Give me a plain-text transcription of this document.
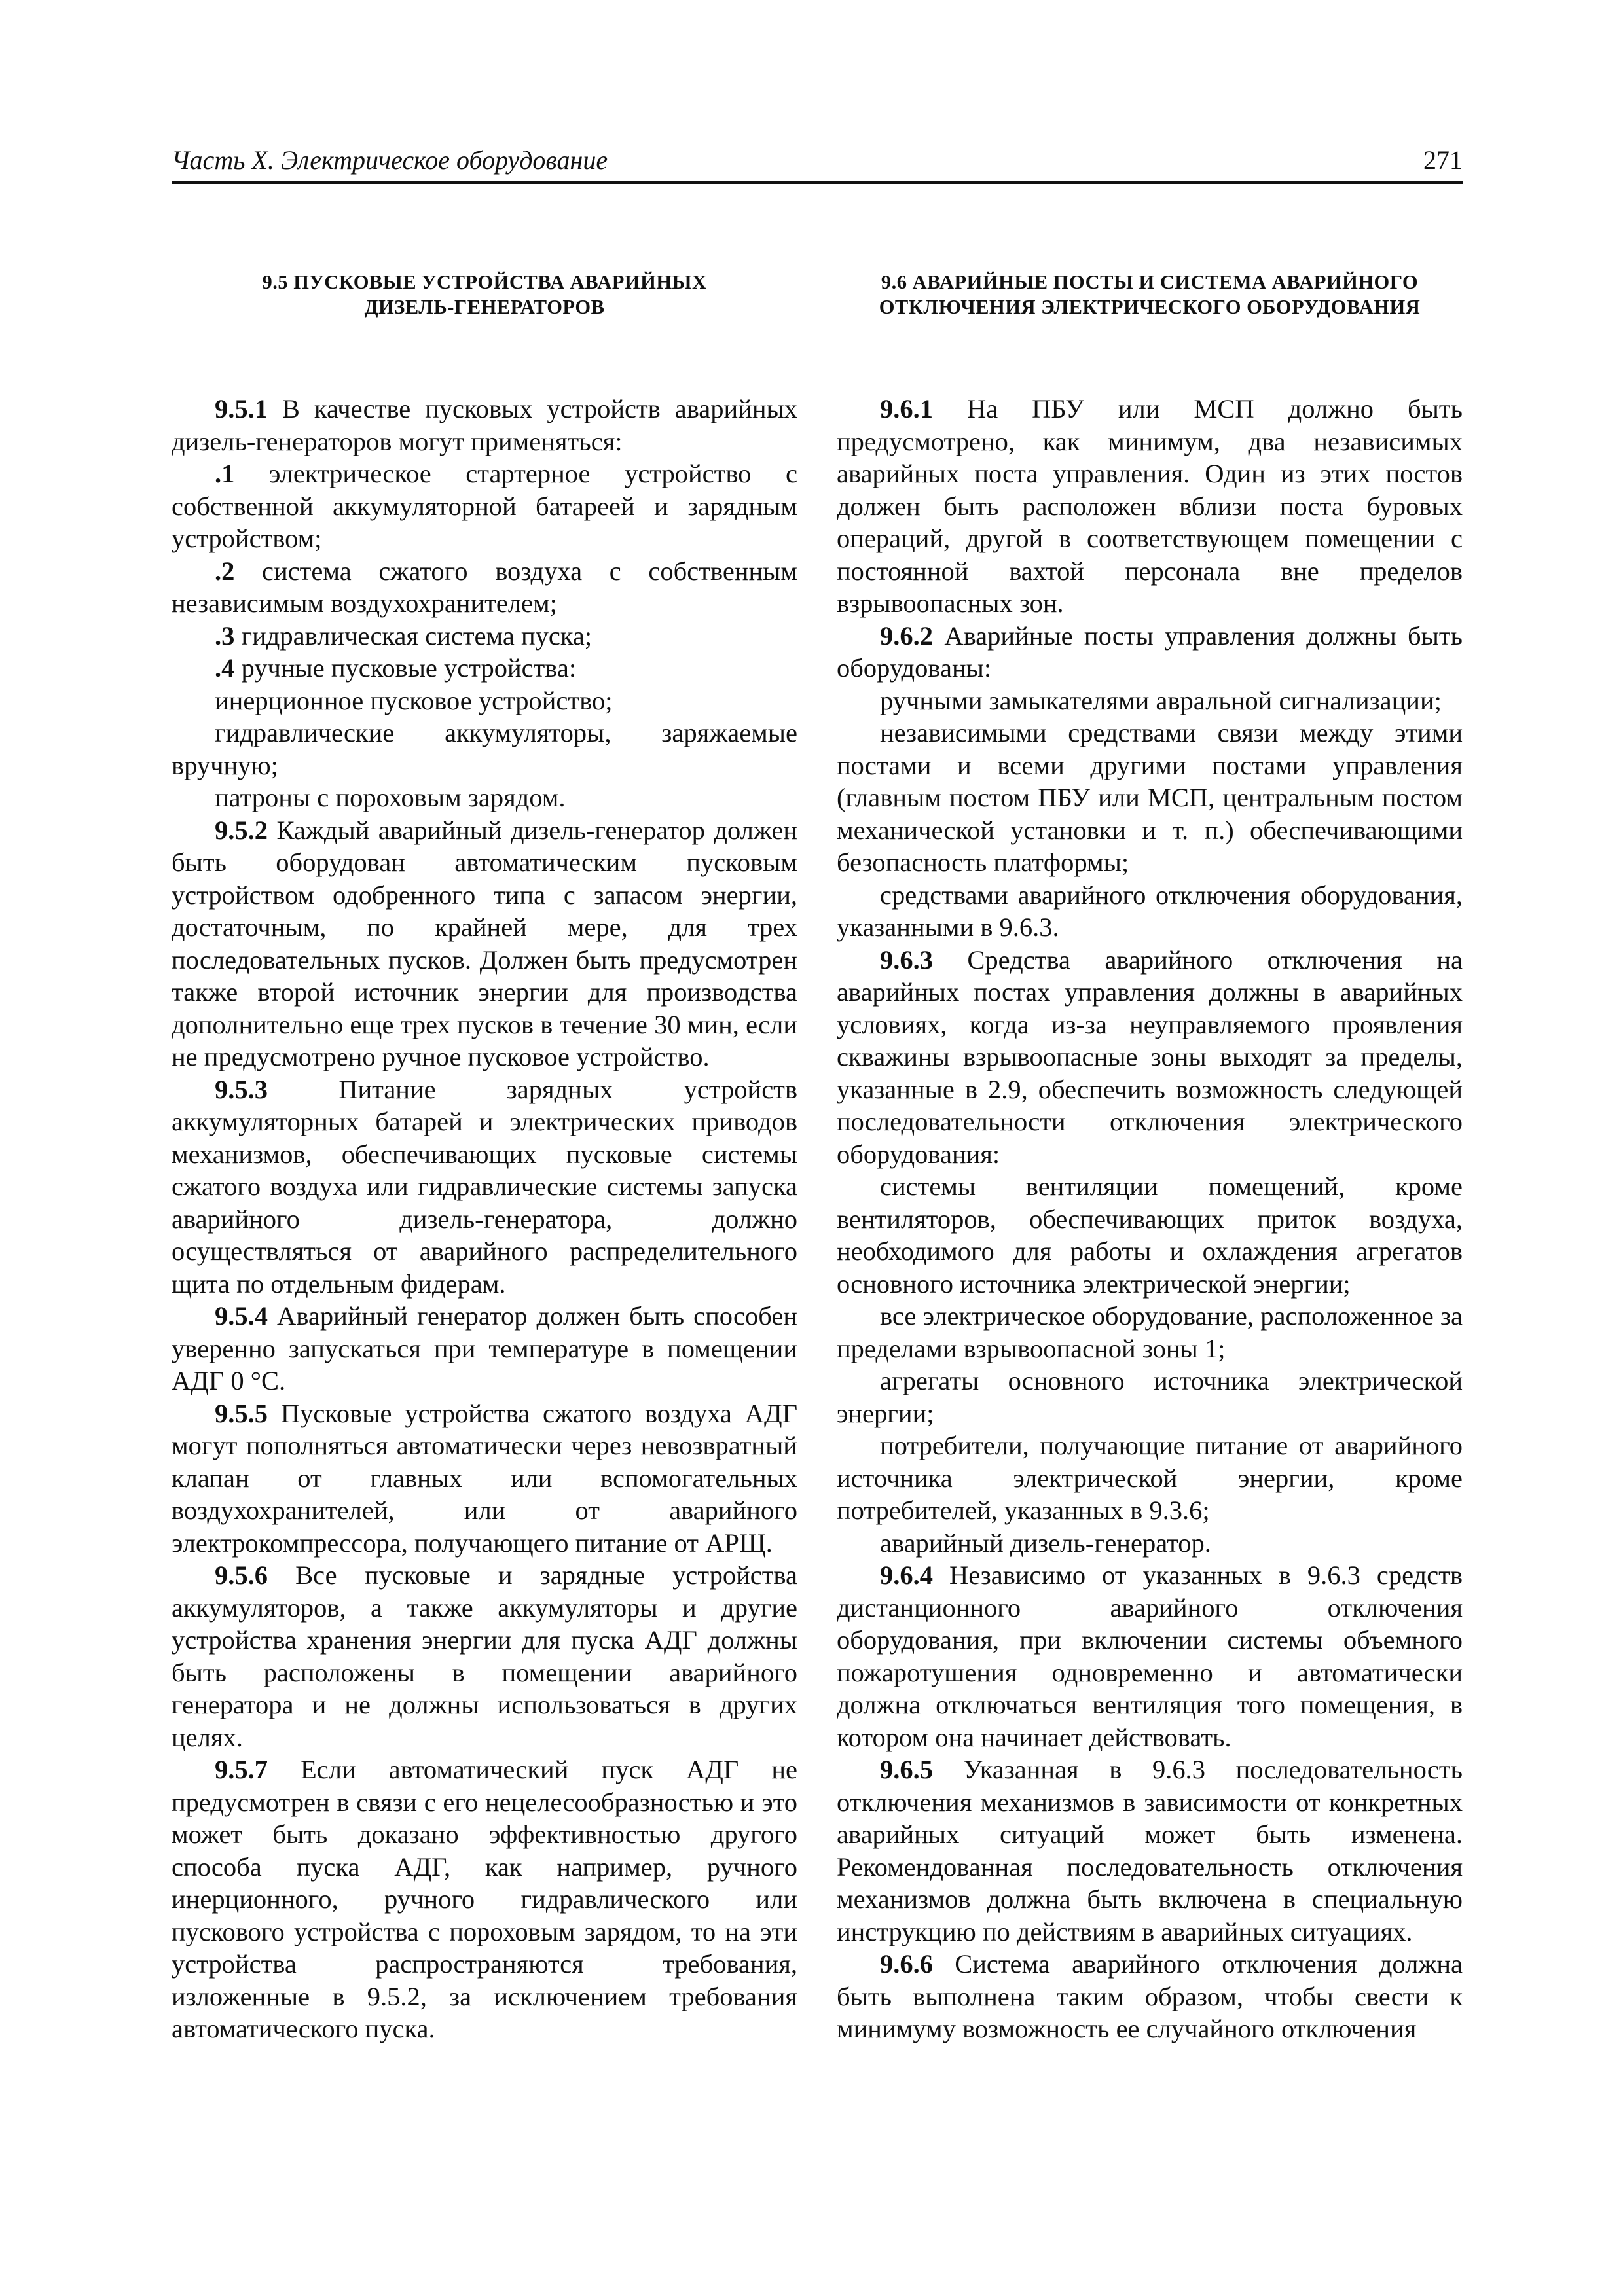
Часть Х. Электрическое оборудование	271
9.5 ПУСКОВЫЕ УСТРОЙСТВА АВАРИЙНЫХ
ДИЗЕЛЬ-ГЕНЕРАТОРОВ

9.5.1 В качестве пусковых устройств аварийных дизель-генераторов могут применяться:

.1 электрическое стартерное устройство с собственной аккумуляторной батареей и зарядным устройством;

.2 система сжатого воздуха с собственным независимым воздухохранителем;

.3 гидравлическая система пуска;

.4 ручные пусковые устройства:

инерционное пусковое устройство;

гидравлические аккумуляторы, заряжаемые вручную;

патроны с пороховым зарядом.

9.5.2 Каждый аварийный дизель-генератор должен быть оборудован автоматическим пусковым устройством одобренного типа с запасом энергии, достаточным, по крайней мере, для трех последовательных пусков. Должен быть предусмотрен также второй источник энергии для производства дополнительно еще трех пусков в течение 30 мин, если не предусмотрено ручное пусковое устройство.

9.5.3 Питание зарядных устройств аккумуляторных батарей и электрических приводов механизмов, обеспечивающих пусковые системы сжатого воздуха или гидравлические системы запуска аварийного дизель-генератора, должно осуществляться от аварийного распределительного щита по отдельным фидерам.

9.5.4 Аварийный генератор должен быть способен уверенно запускаться при температуре в помещении АДГ 0 °С.

9.5.5 Пусковые устройства сжатого воздуха АДГ могут пополняться автоматически через невозвратный клапан от главных или вспомогательных воздухохранителей, или от аварийного электрокомпрессора, получающего питание от АРЩ.

9.5.6 Все пусковые и зарядные устройства аккумуляторов, а также аккумуляторы и другие устройства хранения энергии для пуска АДГ должны быть расположены в помещении аварийного генератора и не должны использоваться в других целях.

9.5.7 Если автоматический пуск АДГ не предусмотрен в связи с его нецелесообразностью и это может быть доказано эффективностью другого способа пуска АДГ, как например, ручного инерционного, ручного гидравлического или пускового устройства с пороховым зарядом, то на эти устройства распространяются требования, изложенные в 9.5.2, за исключением требования автоматического пуска.

9.6 АВАРИЙНЫЕ ПОСТЫ И СИСТЕМА АВАРИЙНОГО
ОТКЛЮЧЕНИЯ ЭЛЕКТРИЧЕСКОГО ОБОРУДОВАНИЯ

9.6.1 На ПБУ или МСП должно быть предусмотрено, как минимум, два независимых аварийных поста управления. Один из этих постов должен быть расположен вблизи поста буровых операций, другой в соответствующем помещении с постоянной вахтой персонала вне пределов взрывоопасных зон.

9.6.2 Аварийные посты управления должны быть оборудованы:

ручными замыкателями авральной сигнализации;

независимыми средствами связи между этими постами и всеми другими постами управления (главным постом ПБУ или МСП, центральным постом механической установки и т. п.) обеспечивающими безопасность платформы;

средствами аварийного отключения оборудования, указанными в 9.6.3.

9.6.3 Средства аварийного отключения на аварийных постах управления должны в аварийных условиях, когда из-за неуправляемого проявления скважины взрывоопасные зоны выходят за пределы, указанные в 2.9, обеспечить возможность следующей последовательности отключения электрического оборудования:

системы вентиляции помещений, кроме вентиляторов, обеспечивающих приток воздуха, необходимого для работы и охлаждения агрегатов основного источника электрической энергии;

все электрическое оборудование, расположенное за пределами взрывоопасной зоны 1;

агрегаты основного источника электрической энергии;

потребители, получающие питание от аварийного источника электрической энергии, кроме потребителей, указанных в 9.3.6;

аварийный дизель-генератор.

9.6.4 Независимо от указанных в 9.6.3 средств дистанционного аварийного отключения оборудования, при включении системы объемного пожаротушения одновременно и автоматически должна отключаться вентиляция того помещения, в котором она начинает действовать.

9.6.5 Указанная в 9.6.3 последовательность отключения механизмов в зависимости от конкретных аварийных ситуаций может быть изменена. Рекомендованная последовательность отключения механизмов должна быть включена в специальную инструкцию по действиям в аварийных ситуациях.

9.6.6 Система аварийного отключения должна быть выполнена таким образом, чтобы свести к минимуму возможность ее случайного отключения
